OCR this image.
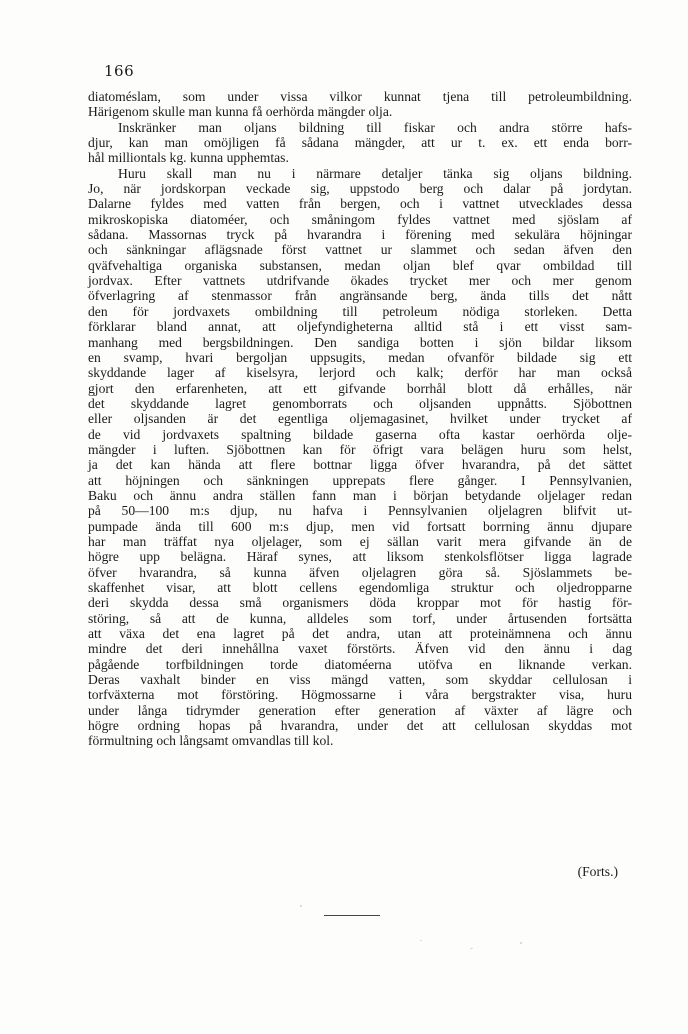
166
diatoméslam, som under vissa vilkor kunnat tjena till petroleumbildning.
Härigenom skulle man kunna få oerhörda mängder olja.
Inskränker man oljans bildning till fiskar och andra större hafs-
djur, kan man omöjligen få sådana mängder, att ur t. ex. ett enda borr-
hål milliontals kg. kunna upphemtas.
Huru skall man nu i närmare detaljer tänka sig oljans bildning.
Jo, när jordskorpan veckade sig, uppstodo berg och dalar på jordytan.
Dalarne fyldes med vatten från bergen, och i vattnet utvecklades dessa
mikroskopiska diatoméer, och småningom fyldes vattnet med sjöslam af
sådana. Massornas tryck på hvarandra i förening med sekulära höjningar
och sänkningar aflägsnade först vattnet ur slammet och sedan äfven den
qväfvehaltiga organiska substansen, medan oljan blef qvar ombildad till
jordvax. Efter vattnets utdrifvande ökades trycket mer och mer genom
öfverlagring af stenmassor från angränsande berg, ända tills det nått
den för jordvaxets ombildning till petroleum nödiga storleken. Detta
förklarar bland annat, att oljefyndigheterna alltid stå i ett visst sam-
manhang med bergsbildningen. Den sandiga botten i sjön bildar liksom
en svamp, hvari bergoljan uppsugits, medan ofvanför bildade sig ett
skyddande lager af kiselsyra, lerjord och kalk; derför har man också
gjort den erfarenheten, att ett gifvande borrhål blott då erhålles, när
det skyddande lagret genomborrats och oljsanden uppnåtts. Sjöbottnen
eller oljsanden är det egentliga oljemagasinet, hvilket under trycket af
de vid jordvaxets spaltning bildade gaserna ofta kastar oerhörda olje-
mängder i luften. Sjöbottnen kan för öfrigt vara belägen huru som helst,
ja det kan hända att flere bottnar ligga öfver hvarandra, på det sättet
att höjningen och sänkningen upprepats flere gånger. I Pennsylvanien,
Baku och ännu andra ställen fann man i början betydande oljelager redan
på 50—100 m:s djup, nu hafva i Pennsylvanien oljelagren blifvit ut-
pumpade ända till 600 m:s djup, men vid fortsatt borrning ännu djupare
har man träffat nya oljelager, som ej sällan varit mera gifvande än de
högre upp belägna. Häraf synes, att liksom stenkolsflötser ligga lagrade
öfver hvarandra, så kunna äfven oljelagren göra så. Sjöslammets be-
skaffenhet visar, att blott cellens egendomliga struktur och oljedropparne
deri skydda dessa små organismers döda kroppar mot för hastig för-
störing, så att de kunna, alldeles som torf, under årtusenden fortsätta
att växa det ena lagret på det andra, utan att proteinämnena och ännu
mindre det deri innehållna vaxet förstörts. Äfven vid den ännu i dag
pågående torfbildningen torde diatoméerna utöfva en liknande verkan.
Deras vaxhalt binder en viss mängd vatten, som skyddar cellulosan i
torfväxterna mot förstöring. Högmossarne i våra bergstrakter visa, huru
under långa tidrymder generation efter generation af växter af lägre och
högre ordning hopas på hvarandra, under det att cellulosan skyddas mot
förmultning och långsamt omvandlas till kol.
(Forts.)
